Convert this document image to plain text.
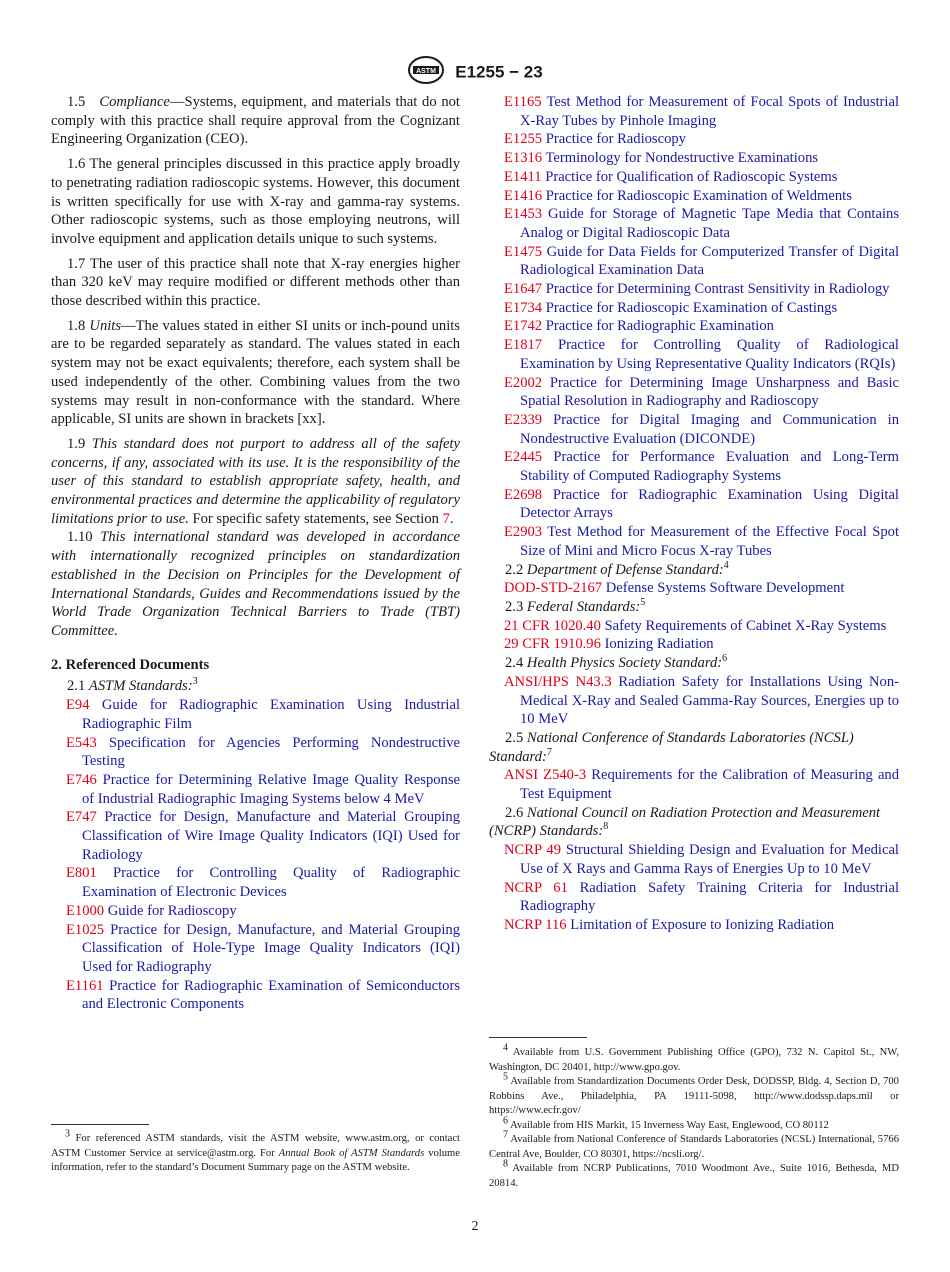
ASTM E1255 − 23

1.5 Compliance—Systems, equipment, and materials that do not comply with this practice shall require approval from the Cognizant Engineering Organization (CEO).

1.6 The general principles discussed in this practice apply broadly to penetrating radiation radioscopic systems. However, this document is written specifically for use with X-ray and gamma-ray systems. Other radioscopic systems, such as those employing neutrons, will involve equipment and application details unique to such systems.

1.7 The user of this practice shall note that X-ray energies higher than 320 keV may require modified or different methods other than those described within this practice.

1.8 Units—The values stated in either SI units or inch-pound units are to be regarded separately as standard. The values stated in each system may not be exact equivalents; therefore, each system shall be used independently of the other. Combining values from the two systems may result in non-conformance with the standard. Where applicable, SI units are shown in brackets [xx].

1.9 This standard does not purport to address all of the safety concerns, if any, associated with its use. It is the responsibility of the user of this standard to establish appropriate safety, health, and environmental practices and determine the applicability of regulatory limitations prior to use. For specific safety statements, see Section 7.

1.10 This international standard was developed in accordance with internationally recognized principles on standardization established in the Decision on Principles for the Development of International Standards, Guides and Recommendations issued by the World Trade Organization Technical Barriers to Trade (TBT) Committee.

2. Referenced Documents

2.1 ASTM Standards:$^3$

E94 Guide for Radiographic Examination Using Industrial Radiographic Film

E543 Specification for Agencies Performing Nondestructive Testing

E746 Practice for Determining Relative Image Quality Response of Industrial Radiographic Imaging Systems below 4 MeV

E747 Practice for Design, Manufacture and Material Grouping Classification of Wire Image Quality Indicators (IQI) Used for Radiology

E801 Practice for Controlling Quality of Radiographic Examination of Electronic Devices

E1000 Guide for Radioscopy

E1025 Practice for Design, Manufacture, and Material Grouping Classification of Hole-Type Image Quality Indicators (IQI) Used for Radiography

E1161 Practice for Radiographic Examination of Semiconductors and Electronic Components

$^3$ For referenced ASTM standards, visit the ASTM website, www.astm.org, or contact ASTM Customer Service at service@astm.org. For Annual Book of ASTM Standards volume information, refer to the standard’s Document Summary page on the ASTM website.

E1165 Test Method for Measurement of Focal Spots of Industrial X-Ray Tubes by Pinhole Imaging

E1255 Practice for Radioscopy

E1316 Terminology for Nondestructive Examinations

E1411 Practice for Qualification of Radioscopic Systems

E1416 Practice for Radioscopic Examination of Weldments

E1453 Guide for Storage of Magnetic Tape Media that Contains Analog or Digital Radioscopic Data

E1475 Guide for Data Fields for Computerized Transfer of Digital Radiological Examination Data

E1647 Practice for Determining Contrast Sensitivity in Radiology

E1734 Practice for Radioscopic Examination of Castings

E1742 Practice for Radiographic Examination

E1817 Practice for Controlling Quality of Radiological Examination by Using Representative Quality Indicators (RQIs)

E2002 Practice for Determining Image Unsharpness and Basic Spatial Resolution in Radiography and Radioscopy

E2339 Practice for Digital Imaging and Communication in Nondestructive Evaluation (DICONDE)

E2445 Practice for Performance Evaluation and Long-Term Stability of Computed Radiography Systems

E2698 Practice for Radiographic Examination Using Digital Detector Arrays

E2903 Test Method for Measurement of the Effective Focal Spot Size of Mini and Micro Focus X-ray Tubes

2.2 Department of Defense Standard:$^4$

DOD-STD-2167 Defense Systems Software Development

2.3 Federal Standards:$^5$

21 CFR 1020.40 Safety Requirements of Cabinet X-Ray Systems

29 CFR 1910.96 Ionizing Radiation

2.4 Health Physics Society Standard:$^6$

ANSI/HPS N43.3 Radiation Safety for Installations Using Non-Medical X-Ray and Sealed Gamma-Ray Sources, Energies up to 10 MeV

2.5 National Conference of Standards Laboratories (NCSL) Standard:$^7$

ANSI Z540-3 Requirements for the Calibration of Measuring and Test Equipment

2.6 National Council on Radiation Protection and Measurement (NCRP) Standards:$^8$

NCRP 49 Structural Shielding Design and Evaluation for Medical Use of X Rays and Gamma Rays of Energies Up to 10 MeV

NCRP 61 Radiation Safety Training Criteria for Industrial Radiography

NCRP 116 Limitation of Exposure to Ionizing Radiation

$^4$ Available from U.S. Government Publishing Office (GPO), 732 N. Capitol St., NW, Washington, DC 20401, http://www.gpo.gov.

$^5$ Available from Standardization Documents Order Desk, DODSSP, Bldg. 4, Section D, 700 Robbins Ave., Philadelphia, PA 19111-5098, http://www.dodssp.daps.mil or https://www.ecfr.gov/

$^6$ Available from HIS Markit, 15 Inverness Way East, Englewood, CO 80112

$^7$ Available from National Conference of Standards Laboratories (NCSL) International, 5766 Central Ave, Boulder, CO 80301, https://ncsli.org/.

$^8$ Available from NCRP Publications, 7010 Woodmont Ave., Suite 1016, Bethesda, MD 20814.

2
